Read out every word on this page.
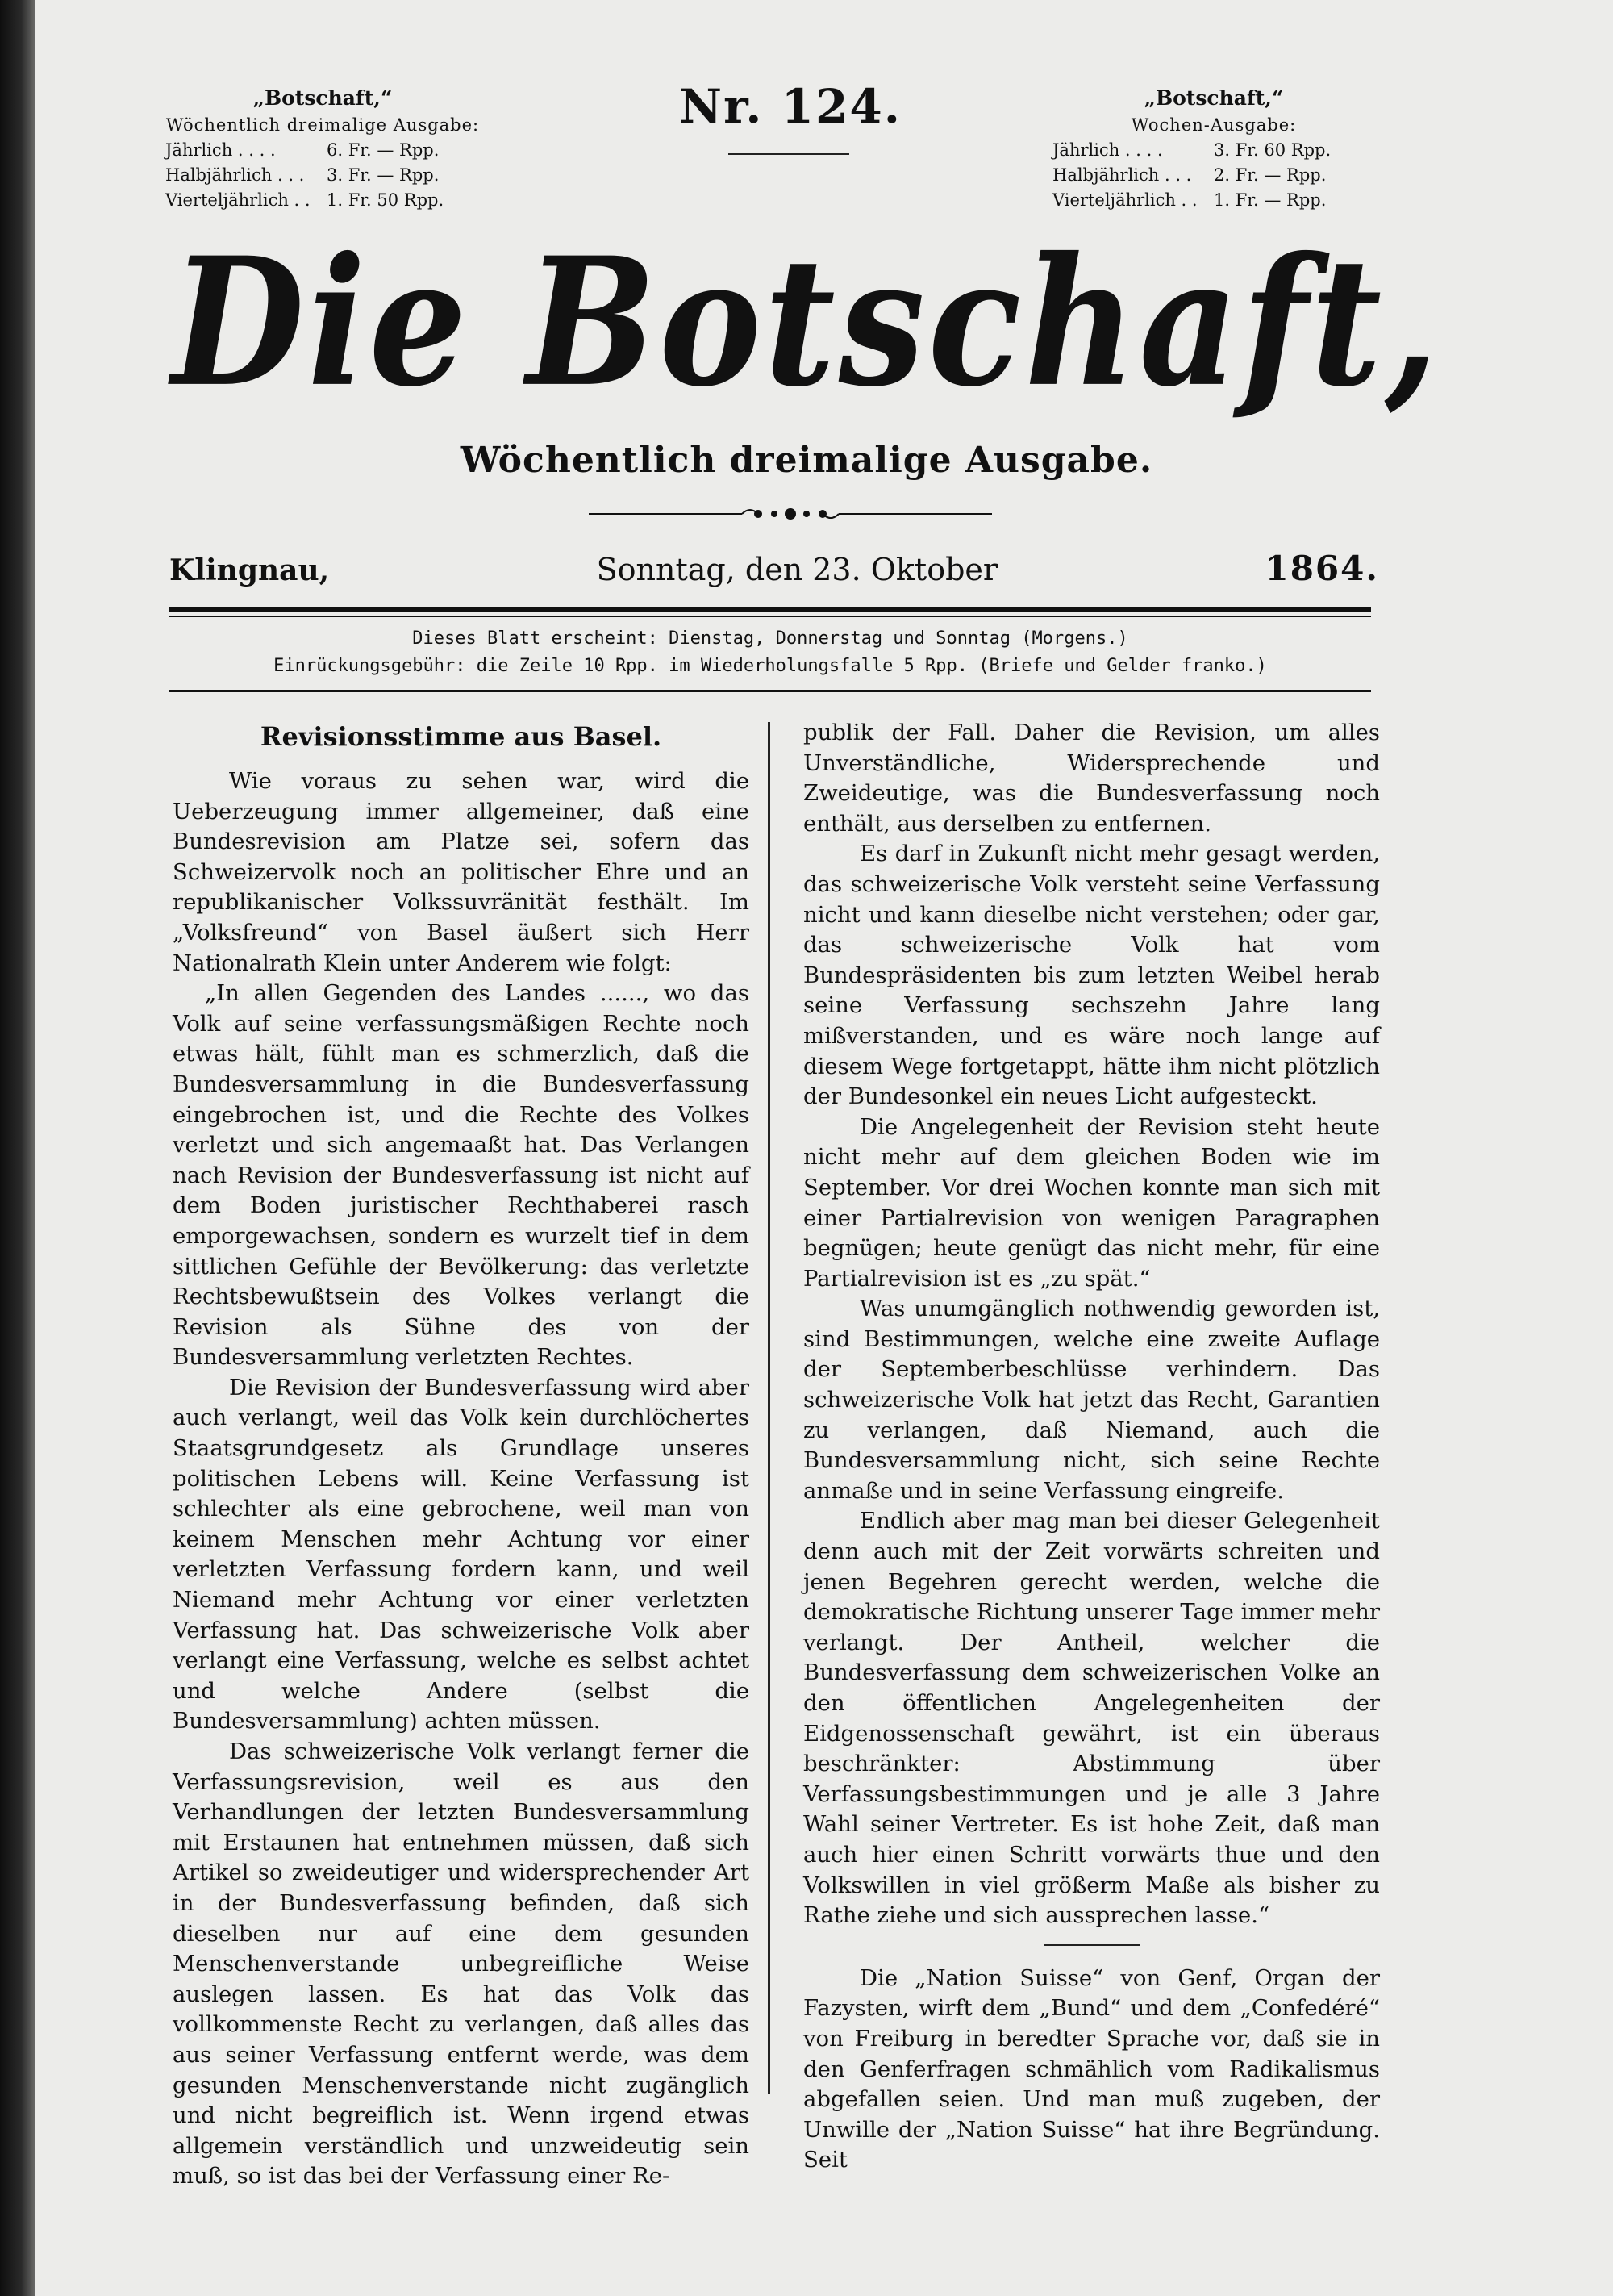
„Botschaft,“
Wöchentlich dreimalige Ausgabe:
Jährlich . . . .	6. Fr. — Rpp.
Halbjährlich . . .	3. Fr. — Rpp.
Vierteljährlich . . 1. Fr. 50 Rpp.
Nr. 124.	„Botschaft,“
Wochen-Ausgabe:
Jährlich . . . .	3. Fr. 60 Rpp.
Halbjährlich . . .	2. Fr. — Rpp.
Vierteljährlich . . 1. Fr. — Rpp.
Die Botschaft,
Wöchentlich dreimalige Ausgabe.
Klingnau,	Sonntag, den 23. Oktober	1864.
Dieses Blatt erscheint: Dienstag, Donnerstag und Sonntag (Morgens.)
Einrückungsgebühr: die Zeile 10 Rpp. im Wiederholungsfalle 5 Rpp. (Briefe und Gelder franko.)
Revisionsstimme aus Basel.

Wie voraus zu sehen war, wird die Ueberzeugung immer allgemeiner, daß eine Bundesrevision am Platze sei, sofern das Schweizervolk noch an politischer Ehre und an republikanischer Volkssuvränität festhält. Im „Volksfreund“ von Basel äußert sich Herr Nationalrath Klein unter Anderem wie folgt:

„In allen Gegenden des Landes ......, wo das Volk auf seine verfassungsmäßigen Rechte noch etwas hält, fühlt man es schmerzlich, daß die Bundesversammlung in die Bundesverfassung eingebrochen ist, und die Rechte des Volkes verletzt und sich angemaaßt hat. Das Verlangen nach Revision der Bundesverfassung ist nicht auf dem Boden juristischer Rechthaberei rasch emporgewachsen, sondern es wurzelt tief in dem sittlichen Gefühle der Bevölkerung: das verletzte Rechtsbewußtsein des Volkes verlangt die Revision als Sühne des von der Bundesversammlung verletzten Rechtes.

Die Revision der Bundesverfassung wird aber auch verlangt, weil das Volk kein durchlöchertes Staatsgrundgesetz als Grundlage unseres politischen Lebens will. Keine Verfassung ist schlechter als eine gebrochene, weil man von keinem Menschen mehr Achtung vor einer verletzten Verfassung fordern kann, und weil Niemand mehr Achtung vor einer verletzten Verfassung hat. Das schweizerische Volk aber verlangt eine Verfassung, welche es selbst achtet und welche Andere (selbst die Bundesversammlung) achten müssen.

Das schweizerische Volk verlangt ferner die Verfassungsrevision, weil es aus den Verhandlungen der letzten Bundesversammlung mit Erstaunen hat entnehmen müssen, daß sich Artikel so zweideutiger und widersprechender Art in der Bundesverfassung befinden, daß sich dieselben nur auf eine dem gesunden Menschenverstande unbegreifliche Weise auslegen lassen. Es hat das Volk das vollkommenste Recht zu verlangen, daß alles das aus seiner Verfassung entfernt werde, was dem gesunden Menschenverstande nicht zugänglich und nicht begreiflich ist. Wenn irgend etwas allgemein verständlich und unzweideutig sein muß, so ist das bei der Verfassung einer Re-

publik der Fall. Daher die Revision, um alles Unverständliche, Widersprechende und Zweideutige, was die Bundesverfassung noch enthält, aus derselben zu entfernen.

Es darf in Zukunft nicht mehr gesagt werden, das schweizerische Volk versteht seine Verfassung nicht und kann dieselbe nicht verstehen; oder gar, das schweizerische Volk hat vom Bundespräsidenten bis zum letzten Weibel herab seine Verfassung sechszehn Jahre lang mißverstanden, und es wäre noch lange auf diesem Wege fortgetappt, hätte ihm nicht plötzlich der Bundesonkel ein neues Licht aufgesteckt.

Die Angelegenheit der Revision steht heute nicht mehr auf dem gleichen Boden wie im September. Vor drei Wochen konnte man sich mit einer Partialrevision von wenigen Paragraphen begnügen; heute genügt das nicht mehr, für eine Partialrevision ist es „zu spät.“

Was unumgänglich nothwendig geworden ist, sind Bestimmungen, welche eine zweite Auflage der Septemberbeschlüsse verhindern. Das schweizerische Volk hat jetzt das Recht, Garantien zu verlangen, daß Niemand, auch die Bundesversammlung nicht, sich seine Rechte anmaße und in seine Verfassung eingreife.

Endlich aber mag man bei dieser Gelegenheit denn auch mit der Zeit vorwärts schreiten und jenen Begehren gerecht werden, welche die demokratische Richtung unserer Tage immer mehr verlangt. Der Antheil, welcher die Bundesverfassung dem schweizerischen Volke an den öffentlichen Angelegenheiten der Eidgenossenschaft gewährt, ist ein überaus beschränkter: Abstimmung über Verfassungsbestimmungen und je alle 3 Jahre Wahl seiner Vertreter. Es ist hohe Zeit, daß man auch hier einen Schritt vorwärts thue und den Volkswillen in viel größerm Maße als bisher zu Rathe ziehe und sich aussprechen lasse.“

Die „Nation Suisse“ von Genf, Organ der Fazysten, wirft dem „Bund“ und dem „Confedéré“ von Freiburg in beredter Sprache vor, daß sie in den Genferfragen schmählich vom Radikalismus abgefallen seien. Und man muß zugeben, der Unwille der „Nation Suisse“ hat ihre Begründung. Seit
